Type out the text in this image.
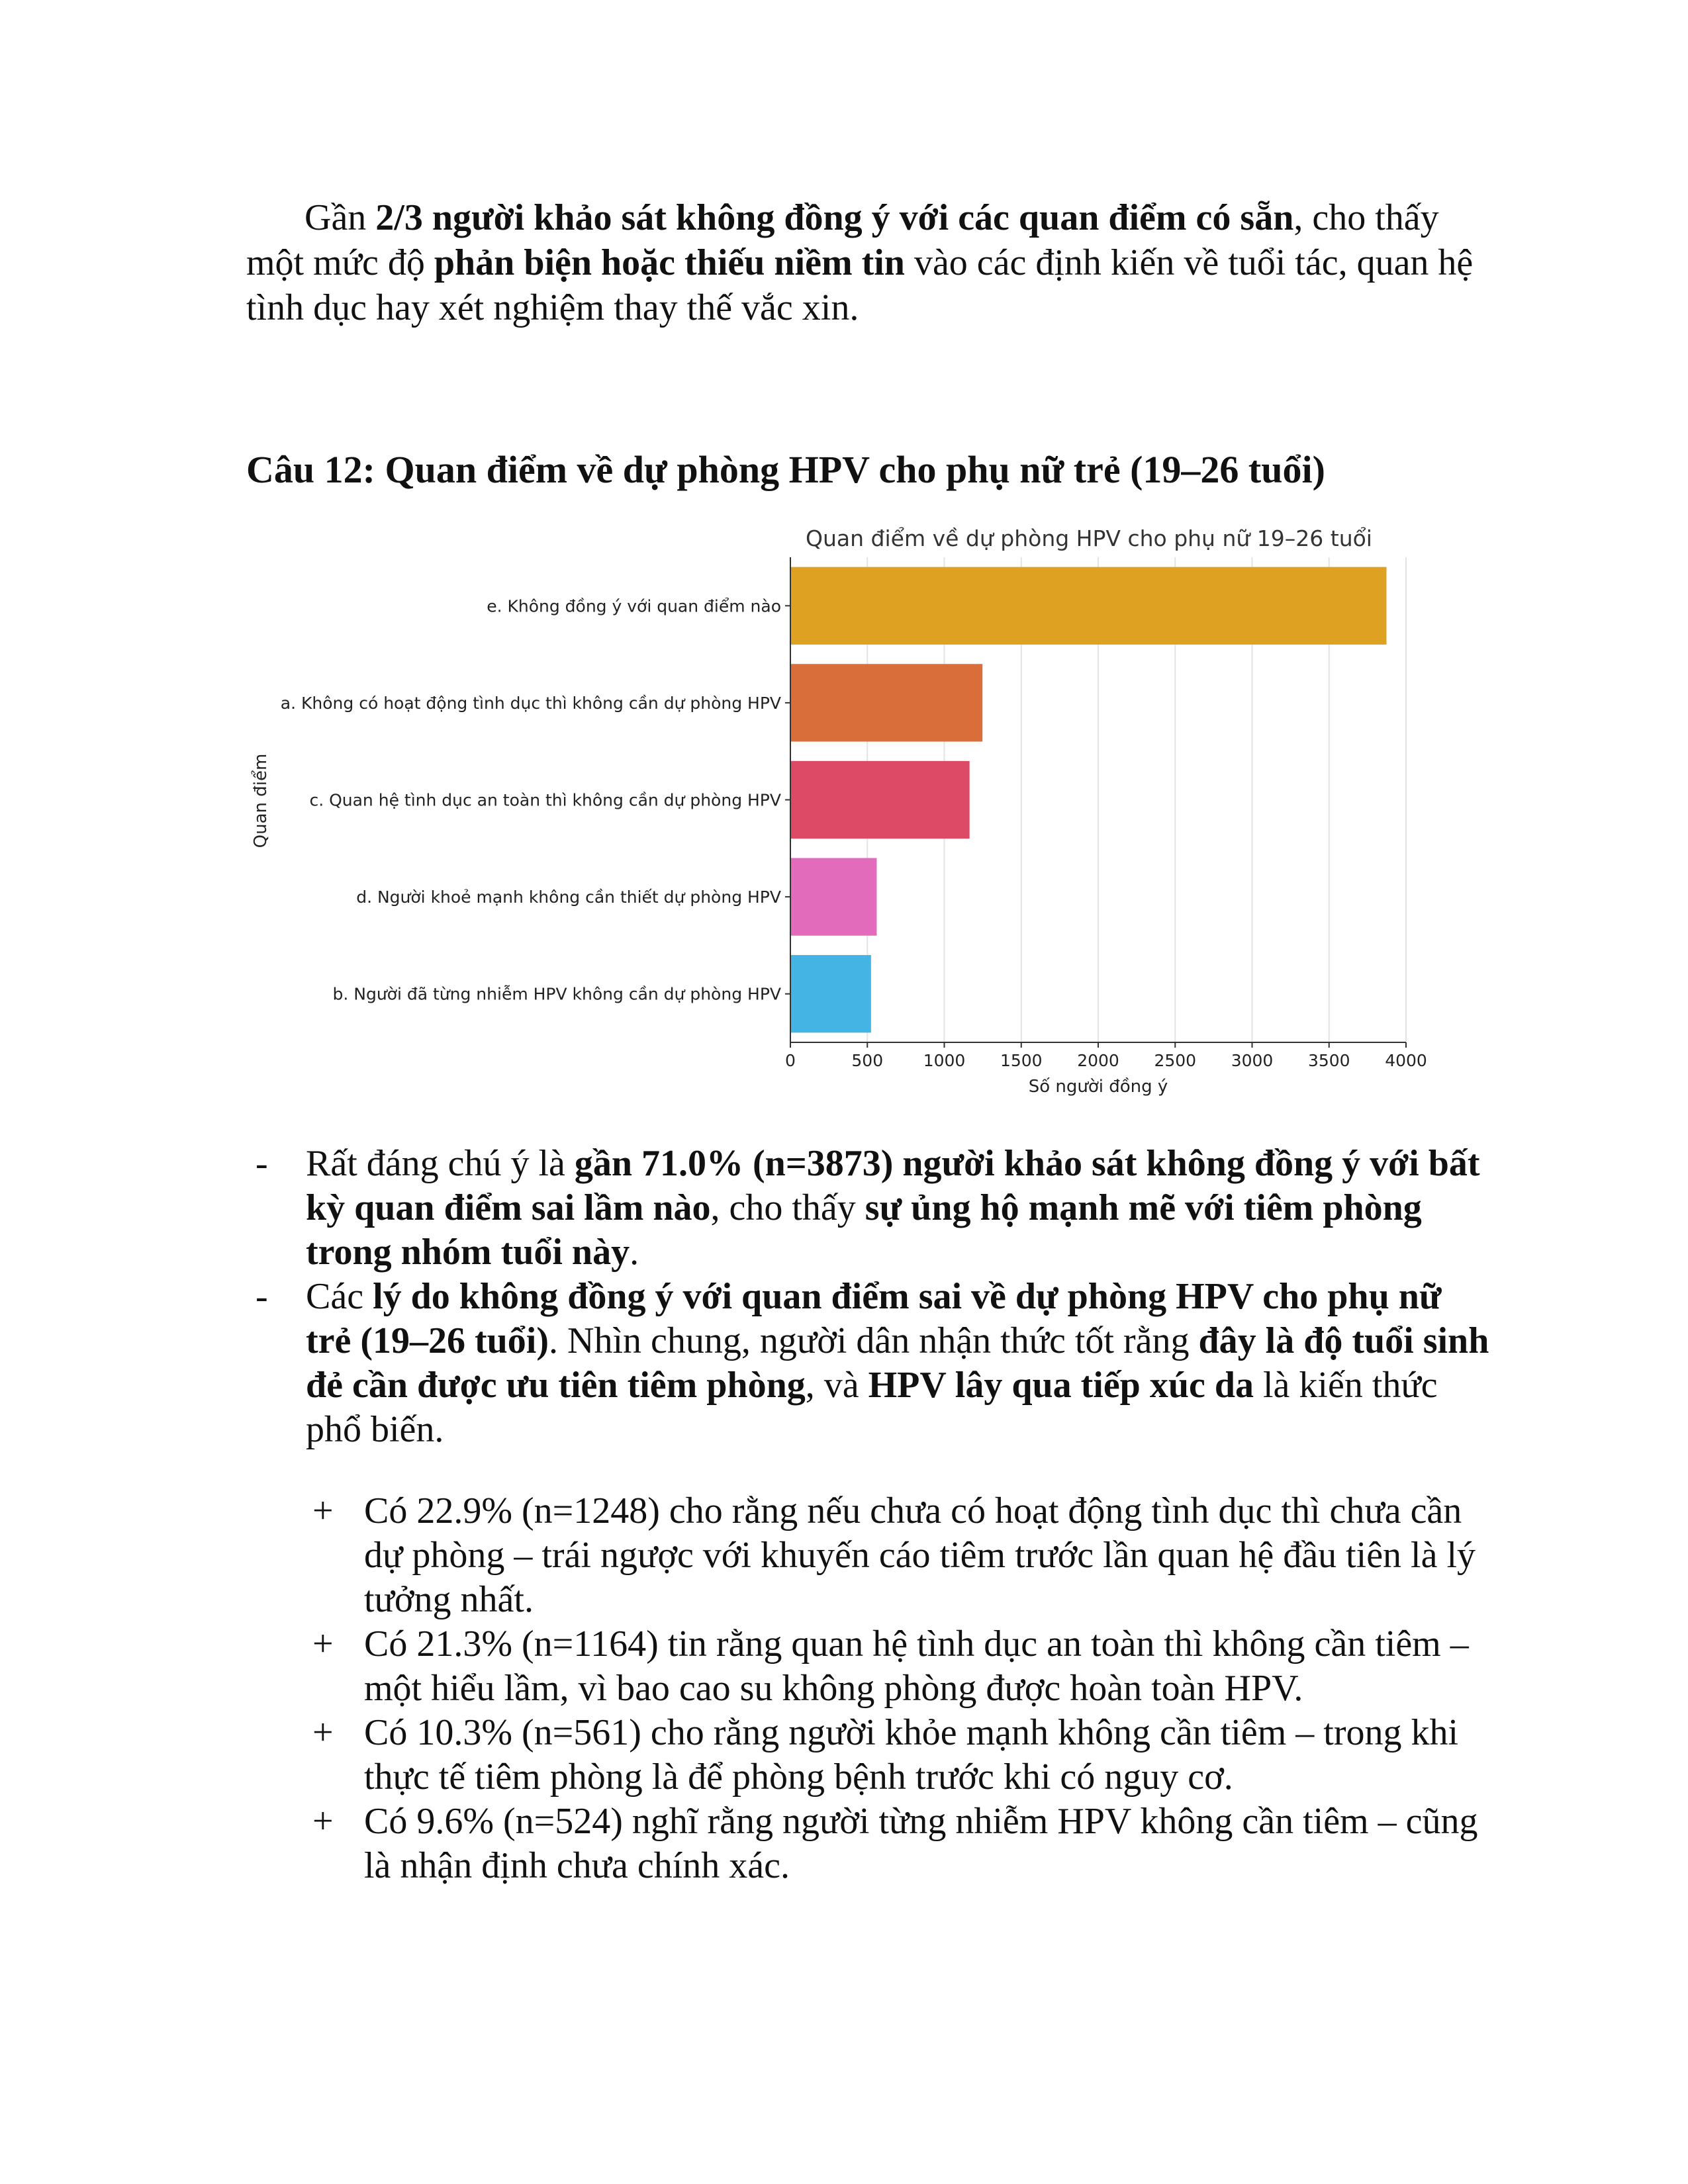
Gần 2/3 người khảo sát không đồng ý với các quan điểm có sẵn, cho thấy một mức độ phản biện hoặc thiếu niềm tin vào các định kiến về tuổi tác, quan hệ tình dục hay xét nghiệm thay thế vắc xin.

Câu 12: Quan điểm về dự phòng HPV cho phụ nữ trẻ (19–26 tuổi)
0	500 1000 1500 2000 2500 3000 3500 4000
e. Không đồng ý với quan điểm nào
a. Không có hoạt động tình dục thì không cần dự phòng HPV
c. Quan hệ tình dục an toàn thì không cần dự phòng HPV
d. Người khoẻ mạnh không cần thiết dự phòng HPV
b. Người đã từng nhiễm HPV không cần dự phòng HPV
Quan điểm về dự phòng HPV cho phụ nữ 19–26 tuổi
Số người đồng ý
Quan điểm
- Rất đáng chú ý là gần 71.0% (n=3873) người khảo sát không đồng ý với bất kỳ quan điểm sai lầm nào, cho thấy sự ủng hộ mạnh mẽ với tiêm phòng trong nhóm tuổi này.
- Các lý do không đồng ý với quan điểm sai về dự phòng HPV cho phụ nữ trẻ (19–26 tuổi). Nhìn chung, người dân nhận thức tốt rằng đây là độ tuổi sinh đẻ cần được ưu tiên tiêm phòng, và HPV lây qua tiếp xúc da là kiến thức phổ biến.
+ Có 22.9% (n=1248) cho rằng nếu chưa có hoạt động tình dục thì chưa cần dự phòng – trái ngược với khuyến cáo tiêm trước lần quan hệ đầu tiên là lý tưởng nhất.
+ Có 21.3% (n=1164) tin rằng quan hệ tình dục an toàn thì không cần tiêm – một hiểu lầm, vì bao cao su không phòng được hoàn toàn HPV.
+ Có 10.3% (n=561) cho rằng người khỏe mạnh không cần tiêm – trong khi thực tế tiêm phòng là để phòng bệnh trước khi có nguy cơ.
+ Có 9.6% (n=524) nghĩ rằng người từng nhiễm HPV không cần tiêm – cũng là nhận định chưa chính xác.
